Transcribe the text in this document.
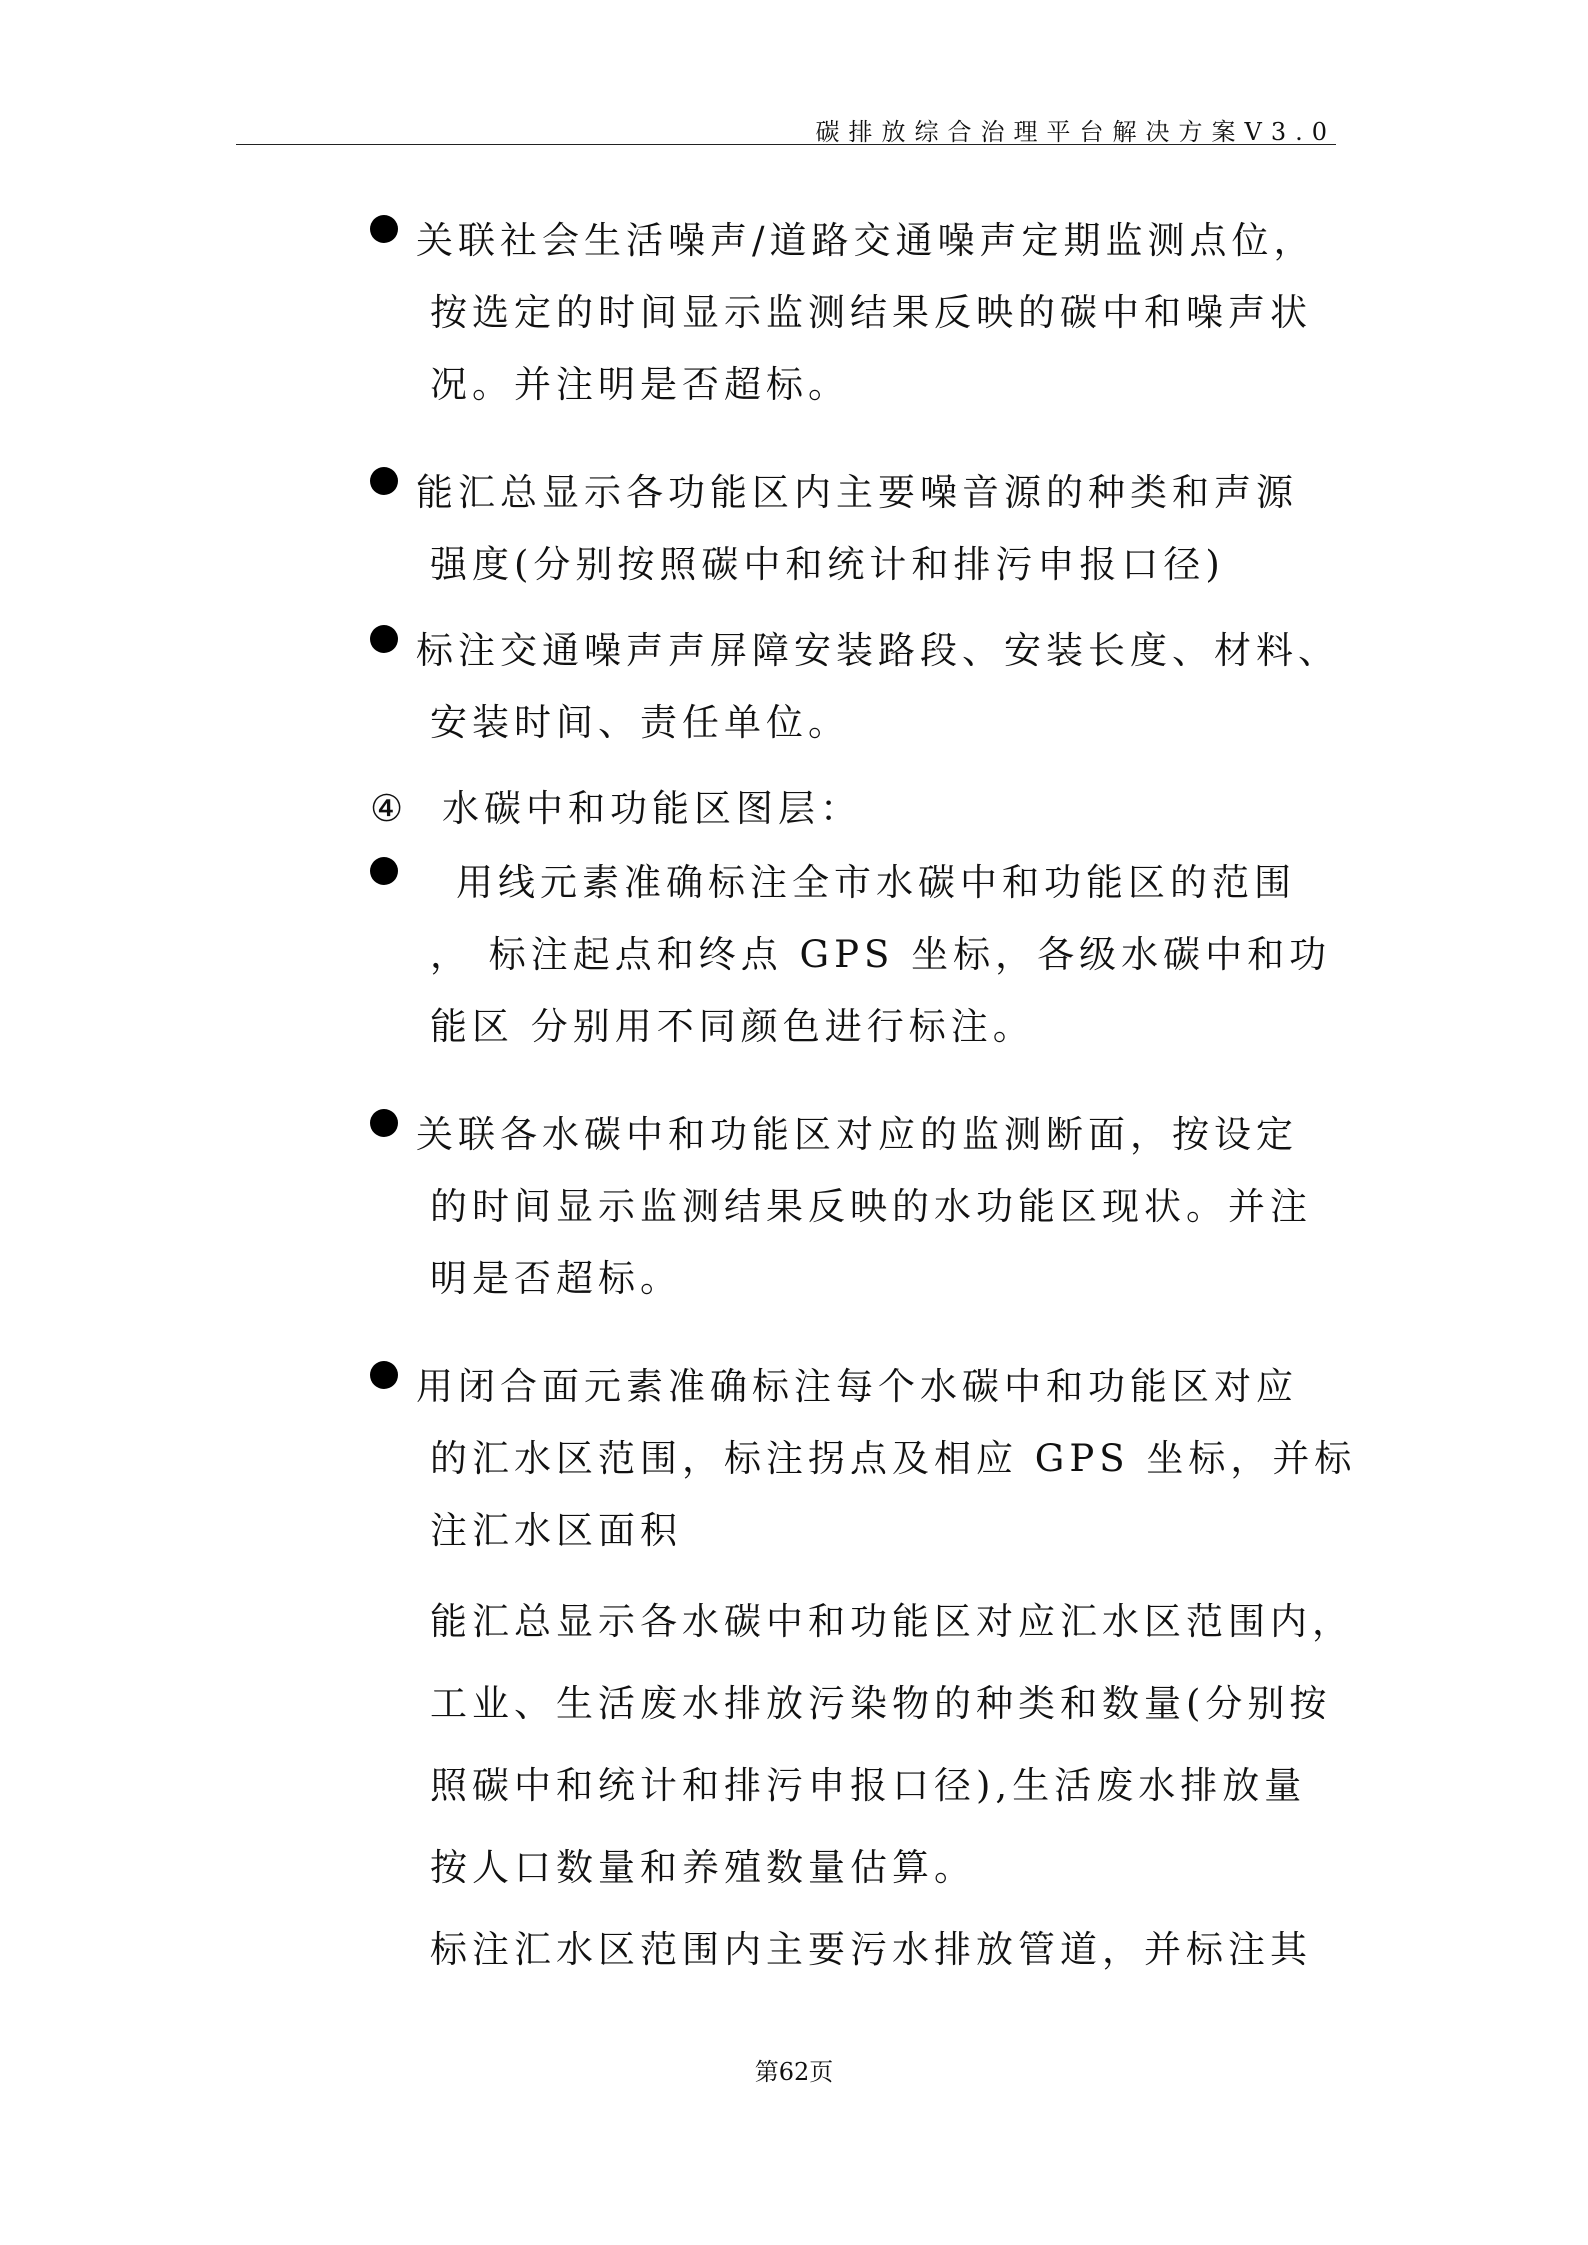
碳排放综合治理平台解决方案V3.0
关联社会生活噪声/道路交通噪声定期监测点位，
按选定的时间显示监测结果反映的碳中和噪声状
况。并注明是否超标。
能汇总显示各功能区内主要噪音源的种类和声源
强度(分别按照碳中和统计和排污申报口径)
标注交通噪声声屏障安装路段、安装长度、材料、
安装时间、责任单位。
④ 水碳中和功能区图层：
用线元素准确标注全市水碳中和功能区的范围
， 标注起点和终点 GPS 坐标，各级水碳中和功
能区 分别用不同颜色进行标注。
关联各水碳中和功能区对应的监测断面，按设定
的时间显示监测结果反映的水功能区现状。并注
明是否超标。
用闭合面元素准确标注每个水碳中和功能区对应
的汇水区范围，标注拐点及相应 GPS 坐标，并标
注汇水区面积
能汇总显示各水碳中和功能区对应汇水区范围内，
工业、生活废水排放污染物的种类和数量(分别按
照碳中和统计和排污申报口径),生活废水排放量
按人口数量和养殖数量估算。
标注汇水区范围内主要污水排放管道，并标注其
第62页
